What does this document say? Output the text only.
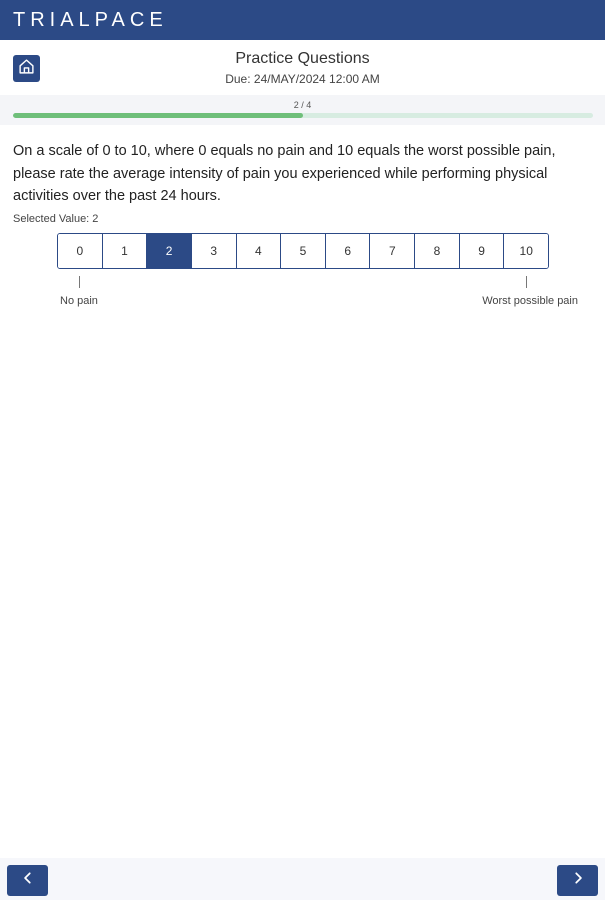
TRIALPACE
Practice Questions
Due: 24/MAY/2024 12:00 AM
2 / 4
On a scale of 0 to 10, where 0 equals no pain and 10 equals the worst possible pain, please rate the average intensity of pain you experienced while performing physical activities over the past 24 hours.
Selected Value: 2
0	1	2	3	4	5	6	7	8	9	10
No pain	Worst possible pain
